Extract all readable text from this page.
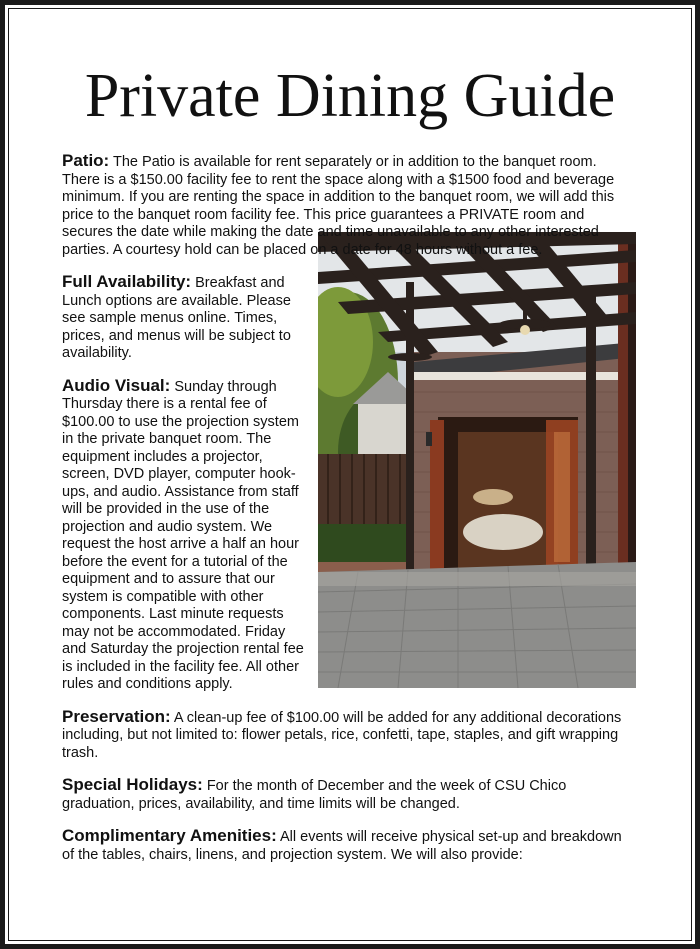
Private Dining Guide

Patio: The Patio is available for rent separately or in addition to the banquet room. There is a $150.00 facility fee to rent the space along with a $1500 food and beverage minimum. If you are renting the space in addition to the banquet room, we will add this price to the banquet room facility fee. This price guarantees a PRIVATE room and secures the date while making the date and time unavailable to any other interested parties. A courtesy hold can be placed on a date for 48 hours without a fee.

Full Availability: Breakfast and Lunch options are available. Please see sample menus online. Times, prices, and menus will be subject to availability.

Audio Visual: Sunday through Thursday there is a rental fee of $100.00 to use the projection system in the private banquet room. The equipment includes a projector, screen, DVD player, computer hook-ups, and audio. Assistance from staff will be provided in the use of the projection and audio system. We request the host arrive a half an hour before the event for a tutorial of the equipment and to assure that our system is compatible with other components. Last minute requests may not be accommodated. Friday and Saturday the projection rental fee is included in the facility fee. All other rules and conditions apply.

Preservation: A clean-up fee of $100.00 will be added for any additional decorations including, but not limited to: flower petals, rice, confetti, tape, staples, and gift wrapping trash.

Special Holidays: For the month of December and the week of CSU Chico graduation, prices, availability, and time limits will be changed.

Complimentary Amenities: All events will receive physical set-up and breakdown of the tables, chairs, linens, and projection system. We will also provide:
